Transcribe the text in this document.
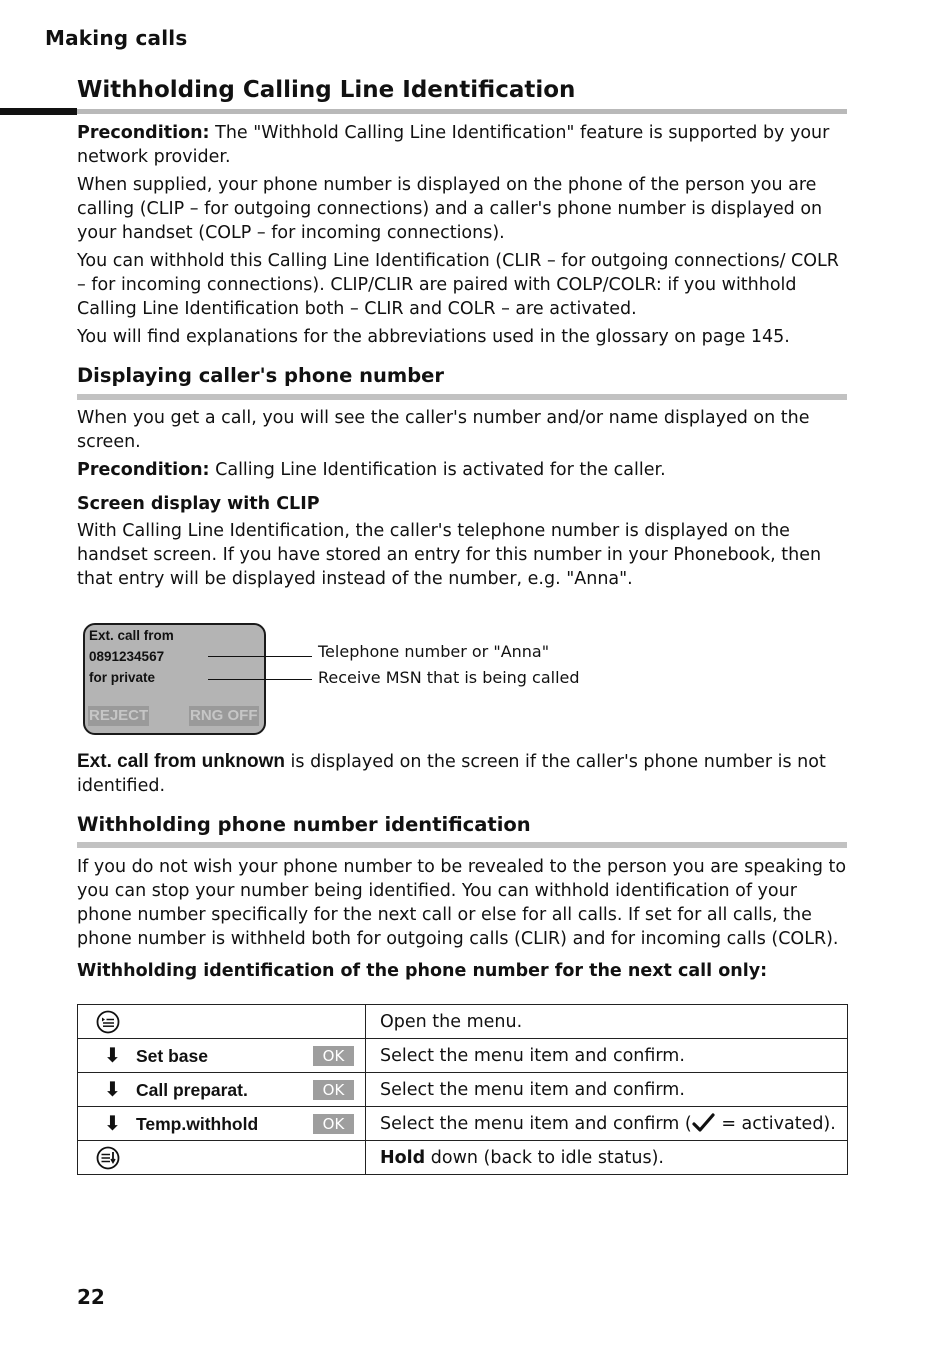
Making calls
Withholding Calling Line Identification
Precondition: The "Withhold Calling Line Identification" feature is supported by your network provider.
When supplied, your phone number is displayed on the phone of the person you are calling (CLIP – for outgoing connections) and a caller's phone number is displayed on your handset (COLP – for incoming connections).
You can withhold this Calling Line Identification (CLIR – for outgoing connections/ COLR – for incoming connections). CLIP/CLIR are paired with COLP/COLR: if you withhold Calling Line Identification both – CLIR and COLR – are activated.
You will find explanations for the abbreviations used in the glossary on page 145.
Displaying caller's phone number
When you get a call, you will see the caller's number and/or name displayed on the screen.
Precondition: Calling Line Identification is activated for the caller.
Screen display with CLIP
With Calling Line Identification, the caller's telephone number is displayed on the handset screen. If you have stored an entry for this number in your Phonebook, then that entry will be displayed instead of the number, e.g. "Anna".
Ext. call from
0891234567
for private
REJECT	RNG OFF
Telephone number or "Anna"
Receive MSN that is being called
Ext. call from unknown is displayed on the screen if the caller's phone number is not identified.
Withholding phone number identification
If you do not wish your phone number to be revealed to the person you are speaking to you can stop your number being identified. You can withhold identification of your phone number specifically for the next call or else for all calls. If set for all calls, the phone number is withheld both for outgoing calls (CLIR) and for incoming calls (COLR).
Withholding identification of the phone number for the next call only:
	Open the menu.

⬇ Set base OK	Select the menu item and confirm.

⬇ Call preparat. OK	Select the menu item and confirm.

⬇ Temp.withhold OK	Select the menu item and confirm ( = activated).

	Hold down (back to idle status).
22
